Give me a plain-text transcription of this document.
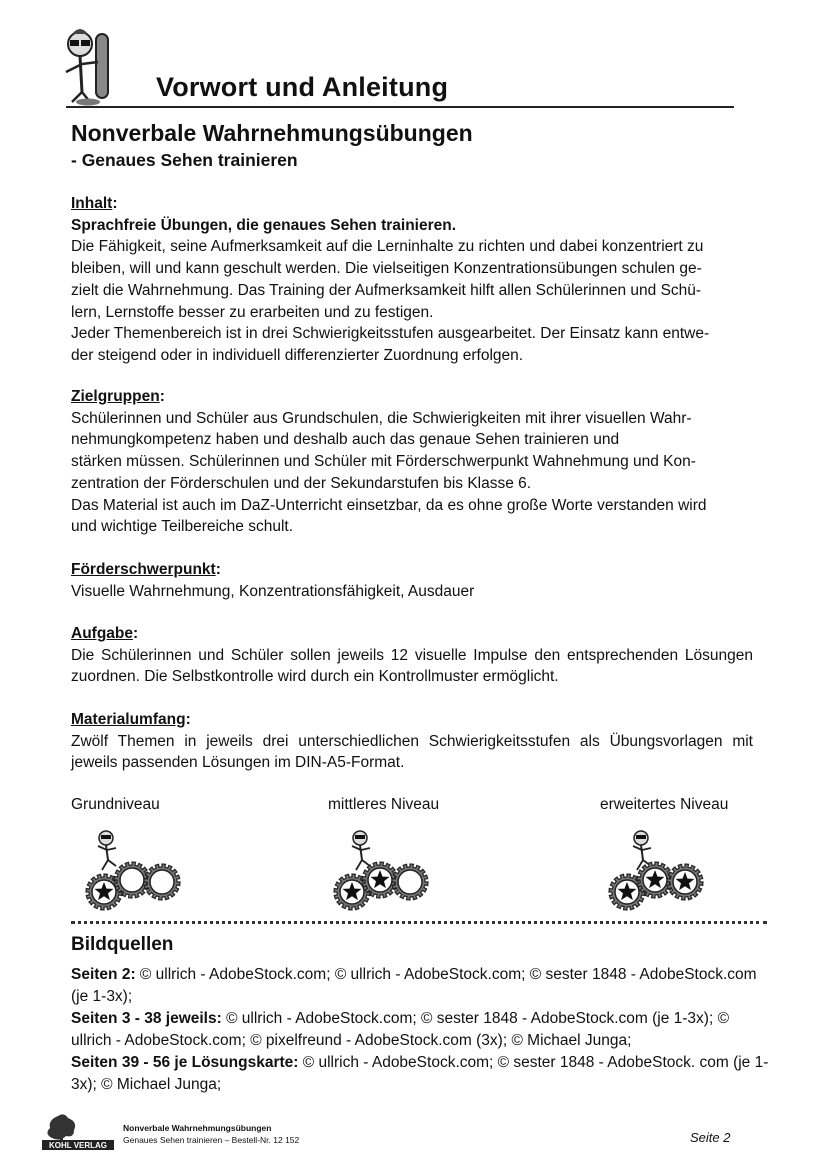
Vorwort und Anleitung
Nonverbale Wahrnehmungsübungen
- Genaues Sehen trainieren
Inhalt:
Sprachfreie Übungen, die genaues Sehen trainieren.
Die Fähigkeit, seine Aufmerksamkeit auf die Lerninhalte zu richten und dabei konzentriert zu
bleiben, will und kann geschult werden. Die vielseitigen Konzentrationsübungen schulen ge-
zielt die Wahrnehmung. Das Training der Aufmerksamkeit hilft allen Schülerinnen und Schü-
lern, Lernstoffe besser zu erarbeiten und zu festigen.
Jeder Themenbereich ist in drei Schwierigkeitsstufen ausgearbeitet. Der Einsatz kann entwe-
der steigend oder in individuell differenzierter Zuordnung erfolgen.
Zielgruppen:
Schülerinnen und Schüler aus Grundschulen, die Schwierigkeiten mit ihrer visuellen Wahr-
nehmungkompetenz haben und deshalb auch das genaue Sehen trainieren und
stärken müssen. Schülerinnen und Schüler mit Förderschwerpunkt Wahnehmung und Kon-
zentration der Förderschulen und der Sekundarstufen bis Klasse 6.
Das Material ist auch im DaZ-Unterricht einsetzbar, da es ohne große Worte verstanden wird
und wichtige Teilbereiche schult.
Förderschwerpunkt:
Visuelle Wahrnehmung, Konzentrationsfähigkeit, Ausdauer
Aufgabe:
Die Schülerinnen und Schüler sollen jeweils 12 visuelle Impulse den entsprechenden Lösungen zuordnen. Die Selbstkontrolle wird durch ein Kontrollmuster ermöglicht.
Materialumfang:
Zwölf Themen in jeweils drei unterschiedlichen Schwierigkeitsstufen als Übungsvorlagen mit jeweils passenden Lösungen im DIN-A5-Format.
Grundniveau	mittleres Niveau	erweitertes Niveau
Bildquellen
Seiten 2: © ullrich - AdobeStock.com; © ullrich - AdobeStock.com; © sester 1848 - AdobeStock.com (je 1-3x);
Seiten 3 - 38 jeweils: © ullrich - AdobeStock.com; © sester 1848 - AdobeStock.com (je 1-3x); © ullrich - AdobeStock.com; © pixelfreund - AdobeStock.com (3x); © Michael Junga;
Seiten 39 - 56 je Lösungskarte: © ullrich - AdobeStock.com; © sester 1848 - AdobeStock. com (je 1-3x); © Michael Junga;
KOHL VERLAG
Nonverbale Wahrnehmungsübungen
Genaues Sehen trainieren – Bestell-Nr. 12 152	Seite 2
